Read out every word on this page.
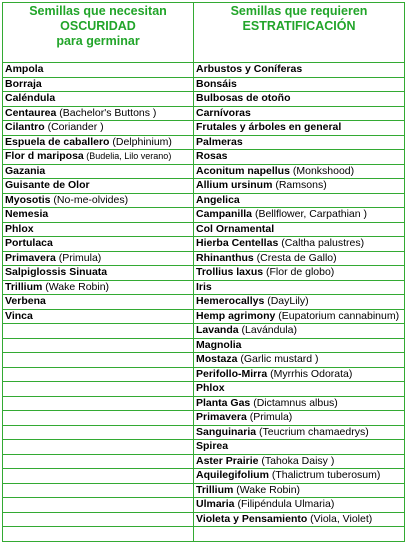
Semillas que necesitan
OSCURIDAD
para germinar	Semillas que requieren
ESTRATIFICACIÓN

Ampola	Arbustos y Coníferas
Borraja	Bonsáis
Caléndula	Bulbosas de otoño
Centaurea (Bachelor's Buttons )	Carnívoras
Cilantro (Coriander )	Frutales y árboles en general
Espuela de caballero (Delphinium)	Palmeras
Flor d mariposa (Budelia, Lilo verano)	Rosas
Gazania	Aconitum napellus (Monkshood)
Guisante de Olor	Allium ursinum (Ramsons)
Myosotis (No-me-olvides)	Angelica
Nemesia	Campanilla (Bellflower, Carpathian )
Phlox	Col Ornamental
Portulaca	Hierba Centellas (Caltha palustres)
Primavera (Primula)	Rhinanthus (Cresta de Gallo)
Salpiglossis Sinuata	Trollius laxus (Flor de globo)
Trillium (Wake Robin)	Iris
Verbena	Hemerocallys (DayLily)
Vinca	Hemp agrimony (Eupatorium cannabinum)
	Lavanda (Lavándula)
	Magnolia
	Mostaza (Garlic mustard )
	Perifollo-Mirra (Myrrhis Odorata)
	Phlox
	Planta Gas (Dictamnus albus)
	Primavera (Primula)
	Sanguinaria (Teucrium chamaedrys)
	Spirea
	Aster Prairie (Tahoka Daisy )
	Aquilegifolium (Thalictrum tuberosum)
	Trillium (Wake Robin)
	Ulmaria (Filipéndula Ulmaria)
	Violeta y Pensamiento (Viola, Violet)
